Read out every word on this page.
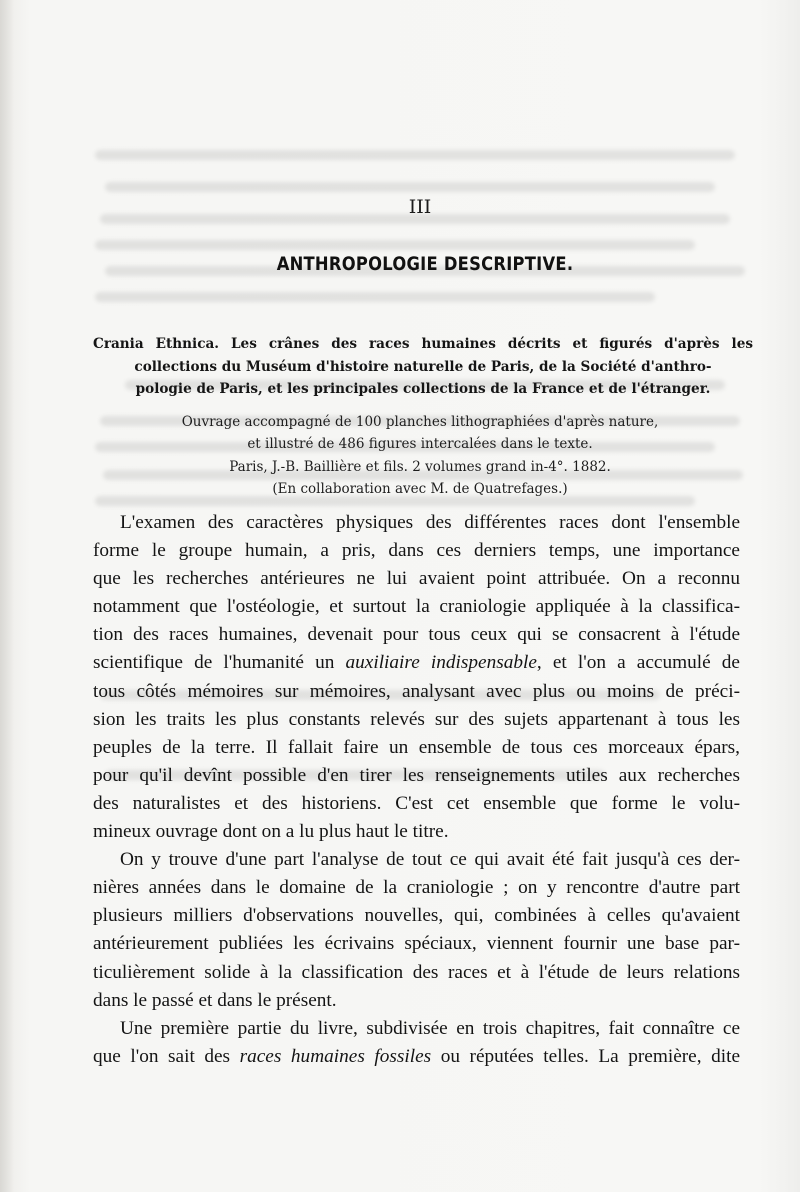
III
ANTHROPOLOGIE DESCRIPTIVE.
Crania Ethnica. Les crânes des races humaines décrits et figurés d'après les
collections du Muséum d'histoire naturelle de Paris, de la Société d'anthro-
pologie de Paris, et les principales collections de la France et de l'étranger.
Ouvrage accompagné de 100 planches lithographiées d'après nature,
et illustré de 486 figures intercalées dans le texte.
Paris, J.-B. Baillière et fils. 2 volumes grand in-4°. 1882.
(En collaboration avec M. de Quatrefages.)
L'examen des caractères physiques des différentes races dont l'ensemble
forme le groupe humain, a pris, dans ces derniers temps, une importance
que les recherches antérieures ne lui avaient point attribuée. On a reconnu
notamment que l'ostéologie, et surtout la craniologie appliquée à la classifica-
tion des races humaines, devenait pour tous ceux qui se consacrent à l'étude
scientifique de l'humanité un auxiliaire indispensable, et l'on a accumulé de
tous côtés mémoires sur mémoires, analysant avec plus ou moins de préci-
sion les traits les plus constants relevés sur des sujets appartenant à tous les
peuples de la terre. Il fallait faire un ensemble de tous ces morceaux épars,
pour qu'il devînt possible d'en tirer les renseignements utiles aux recherches
des naturalistes et des historiens. C'est cet ensemble que forme le volu-
mineux ouvrage dont on a lu plus haut le titre.
On y trouve d'une part l'analyse de tout ce qui avait été fait jusqu'à ces der-
nières années dans le domaine de la craniologie ; on y rencontre d'autre part
plusieurs milliers d'observations nouvelles, qui, combinées à celles qu'avaient
antérieurement publiées les écrivains spéciaux, viennent fournir une base par-
ticulièrement solide à la classification des races et à l'étude de leurs relations
dans le passé et dans le présent.
Une première partie du livre, subdivisée en trois chapitres, fait connaître ce
que l'on sait des races humaines fossiles ou réputées telles. La première, dite
